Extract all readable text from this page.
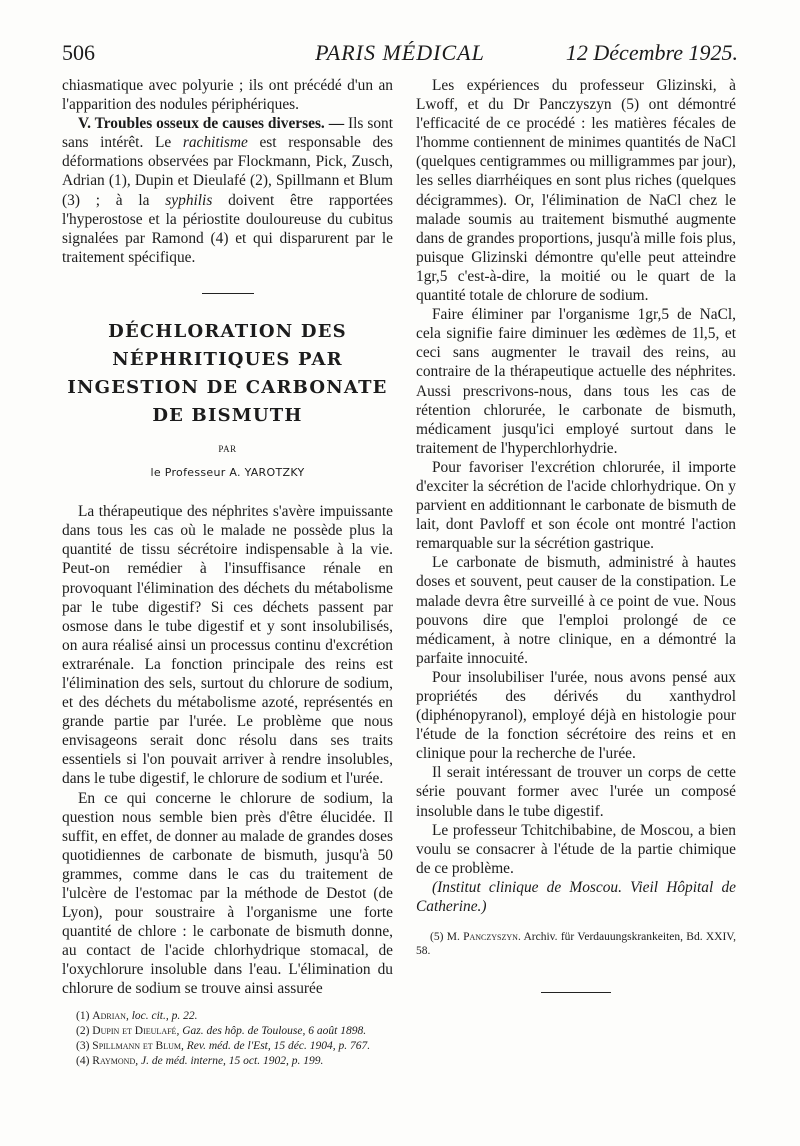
506	PARIS MÉDICAL	12 Décembre 1925.

chiasmatique avec polyurie ; ils ont précédé d'un an l'apparition des nodules périphériques.

V. Troubles osseux de causes diverses. — Ils sont sans intérêt. Le rachitisme est responsable des déformations observées par Flockmann, Pick, Zusch, Adrian (1), Dupin et Dieulafé (2), Spillmann et Blum (3) ; à la syphilis doivent être rapportées l'hyperostose et la périostite douloureuse du cubitus signalées par Ramond (4) et qui disparurent par le traitement spécifique.

DÉCHLORATION DES

NÉPHRITIQUES PAR

INGESTION DE CARBONATE

DE BISMUTH

PAR

le Professeur A. YAROTZKY

La thérapeutique des néphrites s'avère impuissante dans tous les cas où le malade ne possède plus la quantité de tissu sécrétoire indispensable à la vie. Peut-on remédier à l'insuffisance rénale en provoquant l'élimination des déchets du métabolisme par le tube digestif? Si ces déchets passent par osmose dans le tube digestif et y sont insolubilisés, on aura réalisé ainsi un processus continu d'excrétion extrarénale. La fonction principale des reins est l'élimination des sels, surtout du chlorure de sodium, et des déchets du métabolisme azoté, représentés en grande partie par l'urée. Le problème que nous envisageons serait donc résolu dans ses traits essentiels si l'on pouvait arriver à rendre insolubles, dans le tube digestif, le chlorure de sodium et l'urée.

En ce qui concerne le chlorure de sodium, la question nous semble bien près d'être élucidée. Il suffit, en effet, de donner au malade de grandes doses quotidiennes de carbonate de bismuth, jusqu'à 50 grammes, comme dans le cas du traitement de l'ulcère de l'estomac par la méthode de Destot (de Lyon), pour soustraire à l'organisme une forte quantité de chlore : le carbonate de bismuth donne, au contact de l'acide chlorhydrique stomacal, de l'oxychlorure insoluble dans l'eau. L'élimination du chlorure de sodium se trouve ainsi assurée

(1) Adrian, loc. cit., p. 22.

(2) Dupin et Dieulafé, Gaz. des hôp. de Toulouse, 6 août 1898.

(3) Spillmann et Blum, Rev. méd. de l'Est, 15 déc. 1904, p. 767.

(4) Raymond, J. de méd. interne, 15 oct. 1902, p. 199.

Les expériences du professeur Glizinski, à Lwoff, et du Dr Panczyszyn (5) ont démontré l'efficacité de ce procédé : les matières fécales de l'homme contiennent de minimes quantités de NaCl (quelques centigrammes ou milligrammes par jour), les selles diarrhéiques en sont plus riches (quelques décigrammes). Or, l'élimination de NaCl chez le malade soumis au traitement bismuthé augmente dans de grandes proportions, jusqu'à mille fois plus, puisque Glizinski démontre qu'elle peut atteindre 1gr,5 c'est-à-dire, la moitié ou le quart de la quantité totale de chlorure de sodium.

Faire éliminer par l'organisme 1gr,5 de NaCl, cela signifie faire diminuer les œdèmes de 1l,5, et ceci sans augmenter le travail des reins, au contraire de la thérapeutique actuelle des néphrites. Aussi prescrivons-nous, dans tous les cas de rétention chlorurée, le carbonate de bismuth, médicament jusqu'ici employé surtout dans le traitement de l'hyperchlorhydrie.

Pour favoriser l'excrétion chlorurée, il importe d'exciter la sécrétion de l'acide chlorhydrique. On y parvient en additionnant le carbonate de bismuth de lait, dont Pavloff et son école ont montré l'action remarquable sur la sécrétion gastrique.

Le carbonate de bismuth, administré à hautes doses et souvent, peut causer de la constipation. Le malade devra être surveillé à ce point de vue. Nous pouvons dire que l'emploi prolongé de ce médicament, à notre clinique, en a démontré la parfaite innocuité.

Pour insolubiliser l'urée, nous avons pensé aux propriétés des dérivés du xanthydrol (diphénopyranol), employé déjà en histologie pour l'étude de la fonction sécrétoire des reins et en clinique pour la recherche de l'urée.

Il serait intéressant de trouver un corps de cette série pouvant former avec l'urée un composé insoluble dans le tube digestif.

Le professeur Tchitchibabine, de Moscou, a bien voulu se consacrer à l'étude de la partie chimique de ce problème.

(Institut clinique de Moscou. Vieil Hôpital de Catherine.)

(5) M. Panczyszyn. Archiv. für Verdauungskrankeiten, Bd. XXIV, 58.
